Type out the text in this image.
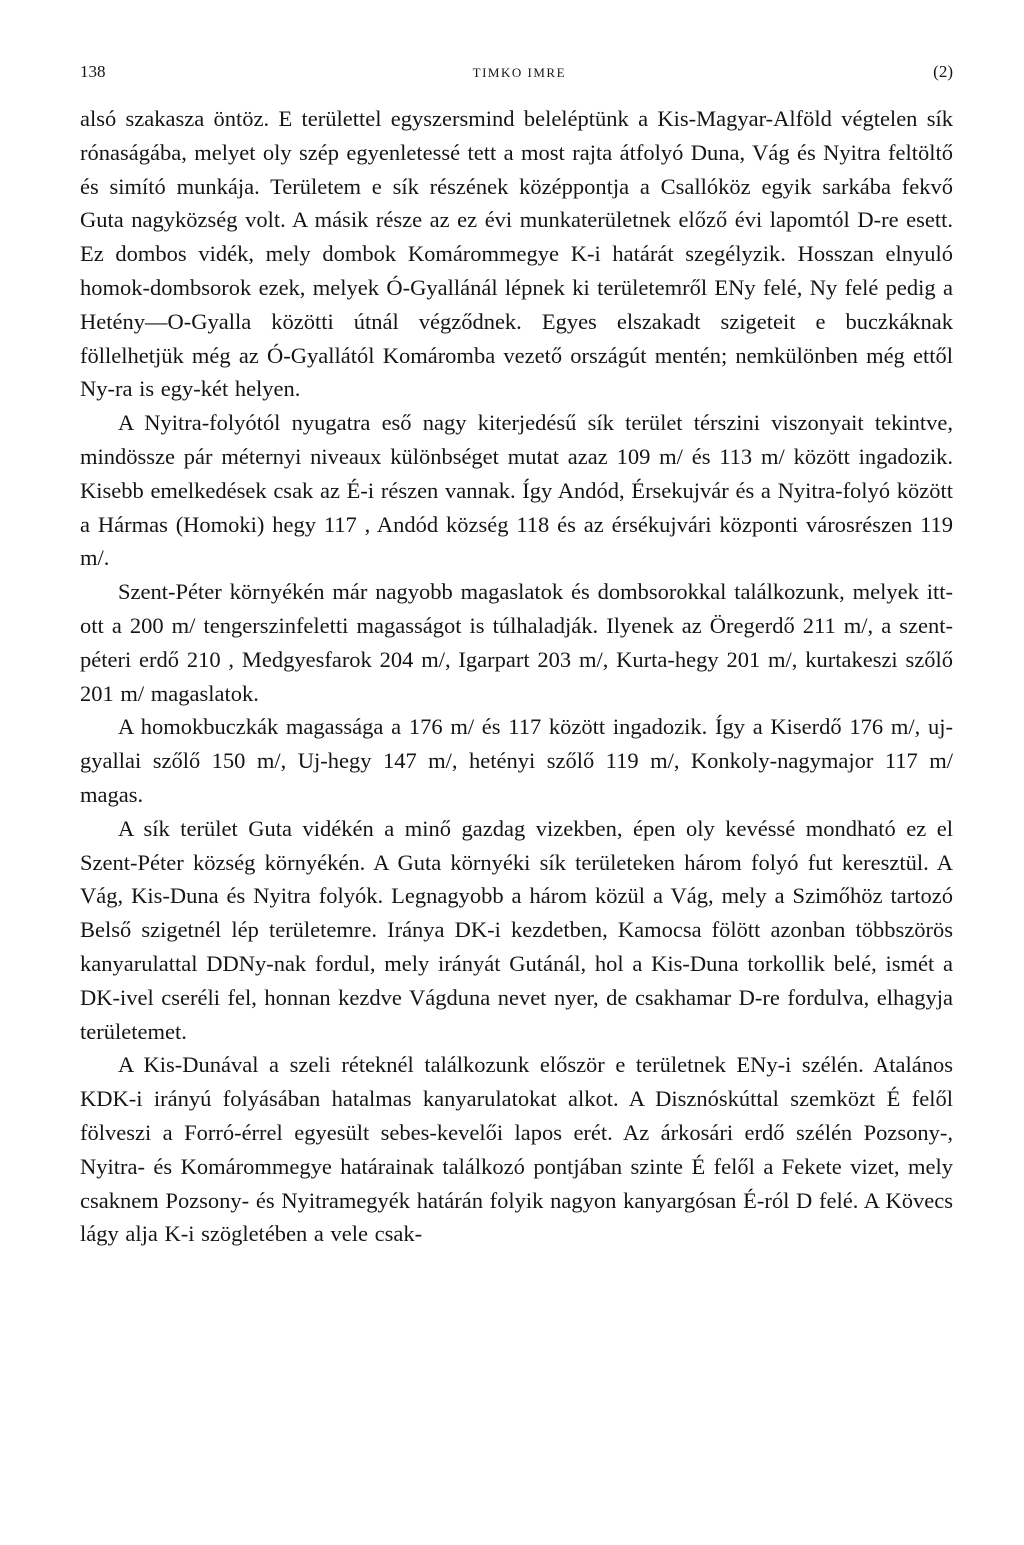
138	TIMKO IMRE	(2)

alsó szakasza öntöz. E területtel egyszersmind beleléptünk a Kis-Magyar-Alföld végtelen sík rónaságába, melyet oly szép egyenletessé tett a most rajta átfolyó Duna, Vág és Nyitra feltöltő és simító munkája. Területem e sík részének középpontja a Csallóköz egyik sarkába fekvő Guta nagyközség volt. A másik része az ez évi munkaterületnek előző évi lapomtól D-re esett. Ez dombos vidék, mely dombok Komárommegye K-i határát szegélyzik. Hosszan elnyuló homok-dombsorok ezek, melyek Ó-Gyallánál lépnek ki területemről ENy felé, Ny felé pedig a Hetény—O-Gyalla közötti útnál végződnek. Egyes elszakadt szigeteit e buczkáknak föllelhetjük még az Ó-Gyallától Komáromba vezető országút mentén; nemkülönben még ettől Ny-ra is egy-két helyen.

A Nyitra-folyótól nyugatra eső nagy kiterjedésű sík terület térszini viszonyait tekintve, mindössze pár méternyi niveaux különbséget mutat azaz 109 m/ és 113 m/ között ingadozik. Kisebb emelkedések csak az É-i részen vannak. Így Andód, Érsekujvár és a Nyitra-folyó között a Hármas (Homoki) hegy 117 , Andód község 118 és az érsékujvári központi városrészen 119 m/.

Szent-Péter környékén már nagyobb magaslatok és dombsorokkal találkozunk, melyek itt-ott a 200 m/ tengerszinfeletti magasságot is túlhaladják. Ilyenek az Öregerdő 211 m/, a szent-péteri erdő 210 , Medgyesfarok 204 m/, Igarpart 203 m/, Kurta-hegy 201 m/, kurtakeszi szőlő 201 m/ magaslatok.

A homokbuczkák magassága a 176 m/ és 117 között ingadozik. Így a Kiserdő 176 m/, uj-gyallai szőlő 150 m/, Uj-hegy 147 m/, hetényi szőlő 119 m/, Konkoly-nagymajor 117 m/ magas.

A sík terület Guta vidékén a minő gazdag vizekben, épen oly kevéssé mondható ez el Szent-Péter község környékén. A Guta környéki sík területeken három folyó fut keresztül. A Vág, Kis-Duna és Nyitra folyók. Legnagyobb a három közül a Vág, mely a Szimőhöz tartozó Belső szigetnél lép területemre. Iránya DK-i kezdetben, Kamocsa fölött azonban többszörös kanyarulattal DDNy-nak fordul, mely irányát Gutánál, hol a Kis-Duna torkollik belé, ismét a DK-ivel cseréli fel, honnan kezdve Vágduna nevet nyer, de csakhamar D-re fordulva, elhagyja területemet.

A Kis-Dunával a szeli réteknél találkozunk először e területnek ENy-i szélén. Atalános KDK-i irányú folyásában hatalmas kanyarulatokat alkot. A Disznóskúttal szemközt É felől fölveszi a Forró-érrel egyesült sebes-kevelői lapos erét. Az árkosári erdő szélén Pozsony-, Nyitra- és Komárommegye határainak találkozó pontjában szinte É felől a Fekete vizet, mely csaknem Pozsony- és Nyitramegyék határán folyik nagyon kanyargósan É-ról D felé. A Kövecs lágy alja K-i szögletében a vele csak-
